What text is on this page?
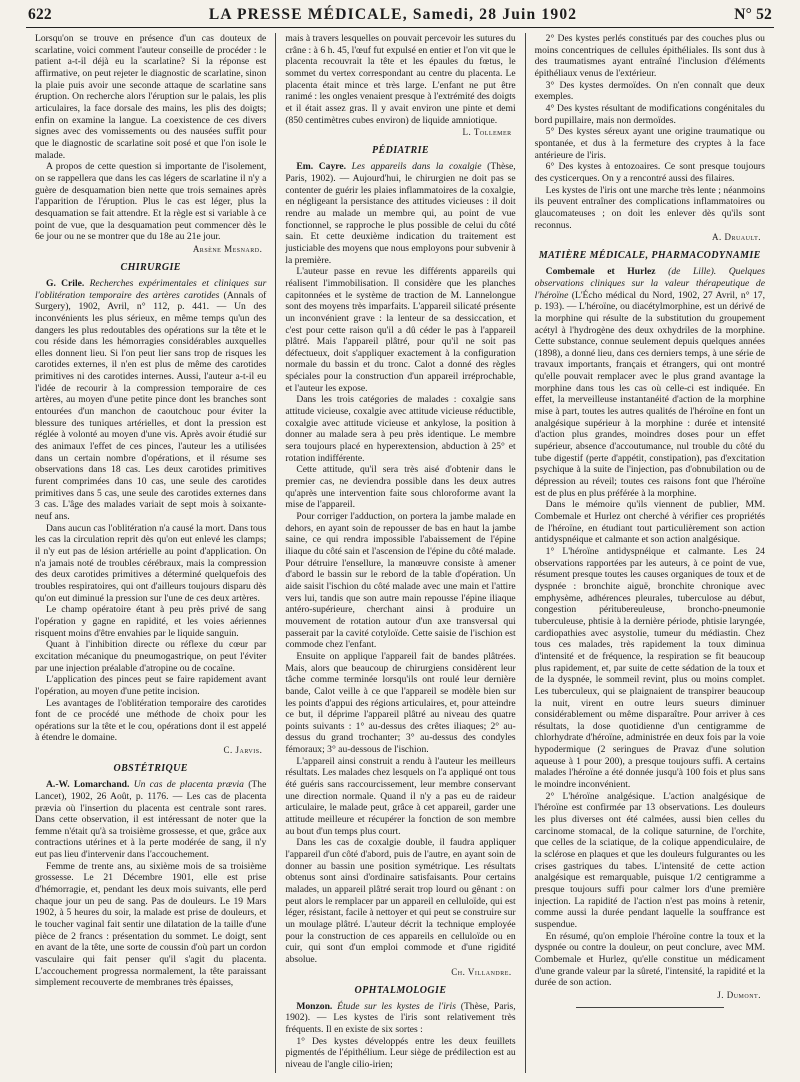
622	LA PRESSE MÉDICALE, Samedi, 28 Juin 1902	N° 52

Lorsqu'on se trouve en présence d'un cas douteux de scarlatine, voici comment l'auteur conseille de procéder : le patient a-t-il déjà eu la scarlatine? Si la réponse est affirmative, on peut rejeter le diagnostic de scarlatine, sinon la plaie puis avoir une seconde attaque de scarlatine sans éruption. On recherche alors l'éruption sur le palais, les plis articulaires, la face dorsale des mains, les plis des doigts; enfin on examine la langue. La coexistence de ces divers signes avec des vomissements ou des nausées suffit pour que le diagnostic de scarlatine soit posé et que l'on isole le malade.

A propos de cette question si importante de l'isolement, on se rappellera que dans les cas légers de scarlatine il n'y a guère de desquamation bien nette que trois semaines après l'apparition de l'éruption. Plus le cas est léger, plus la desquamation se fait attendre. Et la règle est si variable à ce point de vue, que la desquamation peut commencer dès le 6e jour ou ne se montrer que du 18e au 21e jour.

Arsène Mesnard.
CHIRURGIE

G. Crile. Recherches expérimentales et cliniques sur l'oblitération temporaire des artères carotides (Annals of Surgery), 1902, Avril, n° 112, p. 441. — Un des inconvénients les plus sérieux, en même temps qu'un des dangers les plus redoutables des opérations sur la tête et le cou réside dans les hémorragies considérables auxquelles elles donnent lieu. Si l'on peut lier sans trop de risques les carotides externes, il n'en est plus de même des carotides primitives ni des carotides internes. Aussi, l'auteur a-t-il eu l'idée de recourir à la compression temporaire de ces artères, au moyen d'une petite pince dont les branches sont entourées d'un manchon de caoutchouc pour éviter la blessure des tuniques artérielles, et dont la pression est réglée à volonté au moyen d'une vis. Après avoir étudié sur des animaux l'effet de ces pinces, l'auteur les a utilisées dans un certain nombre d'opérations, et il résume ses observations dans 18 cas. Les deux carotides primitives furent comprimées dans 10 cas, une seule des carotides primitives dans 5 cas, une seule des carotides externes dans 3 cas. L'âge des malades variait de sept mois à soixante-neuf ans.

Dans aucun cas l'oblitération n'a causé la mort. Dans tous les cas la circulation reprit dès qu'on eut enlevé les clamps; il n'y eut pas de lésion artérielle au point d'application. On n'a jamais noté de troubles cérébraux, mais la compression des deux carotides primitives a déterminé quelquefois des troubles respiratoires, qui ont d'ailleurs toujours disparu dès qu'on eut diminué la pression sur l'une de ces deux artères.

Le champ opératoire étant à peu près privé de sang l'opération y gagne en rapidité, et les voies aériennes risquent moins d'être envahies par le liquide sanguin.

Quant à l'inhibition directe ou réflexe du cœur par excitation mécanique du pneumogastrique, on peut l'éviter par une injection préalable d'atropine ou de cocaïne.

L'application des pinces peut se faire rapidement avant l'opération, au moyen d'une petite incision.

Les avantages de l'oblitération temporaire des carotides font de ce procédé une méthode de choix pour les opérations sur la tête et le cou, opérations dont il est appelé à étendre le domaine.

C. Jarvis.
OBSTÉTRIQUE

A.-W. Lomarchand. Un cas de placenta prævia (The Lancet), 1902, 26 Août, p. 1176. — Les cas de placenta prævia où l'insertion du placenta est centrale sont rares. Dans cette observation, il est intéressant de noter que la femme n'était qu'à sa troisième grossesse, et que, grâce aux contractions utérines et à la perte modérée de sang, il n'y eut pas lieu d'intervenir dans l'accouchement.

Femme de trente ans, au sixième mois de sa troisième grossesse. Le 21 Décembre 1901, elle est prise d'hémorragie, et, pendant les deux mois suivants, elle perd chaque jour un peu de sang. Pas de douleurs. Le 19 Mars 1902, à 5 heures du soir, la malade est prise de douleurs, et le toucher vaginal fait sentir une dilatation de la taille d'une pièce de 2 francs : présentation du sommet. Le doigt, sent en avant de la tête, une sorte de coussin d'où part un cordon vasculaire qui fait penser qu'il s'agit du placenta. L'accouchement progressa normalement, la tête paraissant simplement recouverte de membranes très épaisses,

mais à travers lesquelles on pouvait percevoir les sutures du crâne : à 6 h. 45, l'œuf fut expulsé en entier et l'on vit que le placenta recouvrait la tête et les épaules du fœtus, le sommet du vertex correspondant au centre du placenta. Le placenta était mince et très large. L'enfant ne put être ranimé : les ongles venaient presque à l'extrémité des doigts et il était assez gras. Il y avait environ une pinte et demi (850 centimètres cubes environ) de liquide amniotique.

L. Tollemer
PÉDIATRIE

Em. Cayre. Les appareils dans la coxalgie (Thèse, Paris, 1902). — Aujourd'hui, le chirurgien ne doit pas se contenter de guérir les plaies inflammatoires de la coxalgie, en négligeant la persistance des attitudes vicieuses : il doit rendre au malade un membre qui, au point de vue fonctionnel, se rapproche le plus possible de celui du côté sain. Et cette deuxième indication du traitement est justiciable des moyens que nous employons pour subvenir à la première.

L'auteur passe en revue les différents appareils qui réalisent l'immobilisation. Il considère que les planches capitonnées et le système de traction de M. Lannelongue sont des moyens très imparfaits. L'appareil silicaté présente un inconvénient grave : la lenteur de sa dessiccation, et c'est pour cette raison qu'il a dû céder le pas à l'appareil plâtré. Mais l'appareil plâtré, pour qu'il ne soit pas défectueux, doit s'appliquer exactement à la configuration normale du bassin et du tronc. Calot a donné des règles spéciales pour la construction d'un appareil irréprochable, et l'auteur les expose.

Dans les trois catégories de malades : coxalgie sans attitude vicieuse, coxalgie avec attitude vicieuse réductible, coxalgie avec attitude vicieuse et ankylose, la position à donner au malade sera à peu près identique. Le membre sera toujours placé en hyperextension, abduction à 25° et rotation indifférente.

Cette attitude, qu'il sera très aisé d'obtenir dans le premier cas, ne deviendra possible dans les deux autres qu'après une intervention faite sous chloroforme avant la mise de l'appareil.

Pour corriger l'adduction, on portera la jambe malade en dehors, en ayant soin de repousser de bas en haut la jambe saine, ce qui rendra impossible l'abaissement de l'épine iliaque du côté sain et l'ascension de l'épine du côté malade. Pour détruire l'ensellure, la manœuvre consiste à amener d'abord le bassin sur le rebord de la table d'opération. Un aide saisit l'ischion du côté malade avec une main et l'attire vers lui, tandis que son autre main repousse l'épine iliaque antéro-supérieure, cherchant ainsi à produire un mouvement de rotation autour d'un axe transversal qui passerait par la cavité cotyloïde. Cette saisie de l'ischion est commode chez l'enfant.

Ensuite on applique l'appareil fait de bandes plâtrées. Mais, alors que beaucoup de chirurgiens considèrent leur tâche comme terminée lorsqu'ils ont roulé leur dernière bande, Calot veille à ce que l'appareil se modèle bien sur les points d'appui des régions articulaires, et, pour atteindre ce but, il déprime l'appareil plâtré au niveau des quatre points suivants : 1° au-dessus des crêtes iliaques; 2° au-dessus du grand trochanter; 3° au-dessus des condyles fémoraux; 3° au-dessous de l'ischion.

L'appareil ainsi construit a rendu à l'auteur les meilleurs résultats. Les malades chez lesquels on l'a appliqué ont tous été guéris sans raccourcissement, leur membre conservant une direction normale. Quand il n'y a pas eu de raideur articulaire, le malade peut, grâce à cet appareil, garder une attitude meilleure et récupérer la fonction de son membre au bout d'un temps plus court.

Dans les cas de coxalgie double, il faudra appliquer l'appareil d'un côté d'abord, puis de l'autre, en ayant soin de donner au bassin une position symétrique. Les résultats obtenus sont ainsi d'ordinaire satisfaisants. Pour certains malades, un appareil plâtré serait trop lourd ou gênant : on peut alors le remplacer par un appareil en celluloïde, qui est léger, résistant, facile à nettoyer et qui peut se construire sur un moulage plâtré. L'auteur décrit la technique employée pour la construction de ces appareils en celluloïde ou en cuir, qui sont d'un emploi commode et d'une rigidité absolue.

Ch. Villandre.
OPHTALMOLOGIE

Monzon. Étude sur les kystes de l'iris (Thèse, Paris, 1902). — Les kystes de l'iris sont relativement très fréquents. Il en existe de six sortes :

1° Des kystes développés entre les deux feuillets pigmentés de l'épithélium. Leur siège de prédilection est au niveau de l'angle cilio-irien;

2° Des kystes perlés constitués par des couches plus ou moins concentriques de cellules épithéliales. Ils sont dus à des traumatismes ayant entraîné l'inclusion d'éléments épithéliaux venus de l'extérieur.

3° Des kystes dermoïdes. On n'en connaît que deux exemples.

4° Des kystes résultant de modifications congénitales du bord pupillaire, mais non dermoïdes.

5° Des kystes séreux ayant une origine traumatique ou spontanée, et dus à la fermeture des cryptes à la face antérieure de l'iris.

6° Des kystes à entozoaires. Ce sont presque toujours des cysticerques. On y a rencontré aussi des filaires.

Les kystes de l'iris ont une marche très lente ; néanmoins ils peuvent entraîner des complications inflammatoires ou glaucomateuses ; on doit les enlever dès qu'ils sont reconnus.

A. Druault.
MATIÈRE MÉDICALE, PHARMACODYNAMIE

Combemale et Hurlez (de Lille). Quelques observations cliniques sur la valeur thérapeutique de l'héroïne (L'Écho médical du Nord, 1902, 27 Avril, n° 17, p. 193). — L'héroïne, ou diacétylmorphine, est un dérivé de la morphine qui résulte de la substitution du groupement acétyl à l'hydrogène des deux oxhydriles de la morphine. Cette substance, connue seulement depuis quelques années (1898), a donné lieu, dans ces derniers temps, à une série de travaux importants, français et étrangers, qui ont montré qu'elle pouvait remplacer avec le plus grand avantage la morphine dans tous les cas où celle-ci est indiquée. En effet, la merveilleuse instantanéité d'action de la morphine mise à part, toutes les autres qualités de l'héroïne en font un analgésique supérieur à la morphine : durée et intensité d'action plus grandes, moindres doses pour un effet supérieur, absence d'accoutumance, nul trouble du côté du tube digestif (perte d'appétit, constipation), pas d'excitation psychique à la suite de l'injection, pas d'obnubilation ou de dépression au réveil; toutes ces raisons font que l'héroïne est de plus en plus préférée à la morphine.

Dans le mémoire qu'ils viennent de publier, MM. Combemale et Hurlez ont cherché à vérifier ces propriétés de l'héroïne, en étudiant tout particulièrement son action antidyspnéique et calmante et son action analgésique.

1° L'héroïne antidyspnéique et calmante. Les 24 observations rapportées par les auteurs, à ce point de vue, résument presque toutes les causes organiques de toux et de dyspnée : bronchite aiguë, bronchite chronique avec emphysème, adhérences pleurales, tuberculose au début, congestion péritubereuleuse, broncho-pneumonie tuberculeuse, phtisie à la dernière période, phtisie laryngée, cardiopathies avec asystolie, tumeur du médiastin. Chez tous ces malades, très rapidement la toux diminua d'intensité et de fréquence, la respiration se fit beaucoup plus rapidement, et, par suite de cette sédation de la toux et de la dyspnée, le sommeil revint, plus ou moins complet. Les tuberculeux, qui se plaignaient de transpirer beaucoup la nuit, virent en outre leurs sueurs diminuer considérablement ou même disparaître. Pour arriver à ces résultats, la dose quotidienne d'un centigramme de chlorhydrate d'héroïne, administrée en deux fois par la voie hypodermique (2 seringues de Pravaz d'une solution aqueuse à 1 pour 200), a presque toujours suffi. A certains malades l'héroïne a été donnée jusqu'à 100 fois et plus sans le moindre inconvénient.

2° L'héroïne analgésique. L'action analgésique de l'héroïne est confirmée par 13 observations. Les douleurs les plus diverses ont été calmées, aussi bien celles du carcinome stomacal, de la colique saturnine, de l'orchite, que celles de la sciatique, de la colique appendiculaire, de la sclérose en plaques et que les douleurs fulgurantes ou les crises gastriques du tabes. L'intensité de cette action analgésique est remarquable, puisque 1/2 centigramme a presque toujours suffi pour calmer lors d'une première injection. La rapidité de l'action n'est pas moins à retenir, comme aussi la durée pendant laquelle la souffrance est suspendue.

En résumé, qu'on emploie l'héroïne contre la toux et la dyspnée ou contre la douleur, on peut conclure, avec MM. Combemale et Hurlez, qu'elle constitue un médicament d'une grande valeur par la sûreté, l'intensité, la rapidité et la durée de son action.

J. Dumont.
